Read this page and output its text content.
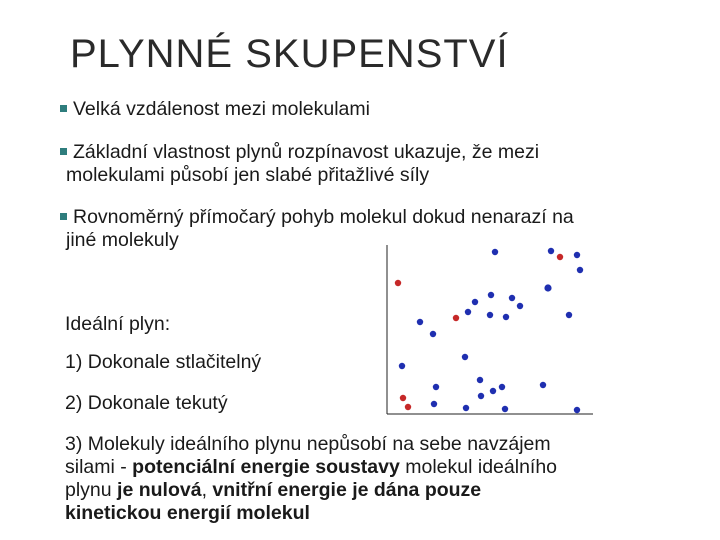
PLYNNÉ SKUPENSTVÍ
Velká vzdálenost mezi molekulami
Základní vlastnost plynů rozpínavost ukazuje, že mezi
molekulami působí jen slabé přitažlivé síly
Rovnoměrný přímočarý pohyb molekul dokud nenarazí na
jiné molekuly
Ideální plyn:
1) Dokonale stlačitelný
2) Dokonale tekutý
3) Molekuly ideálního plynu nepůsobí na sebe navzájem
silami - potenciální energie soustavy molekul ideálního
plynu je nulová, vnitřní energie je dána pouze
kinetickou energií molekul
